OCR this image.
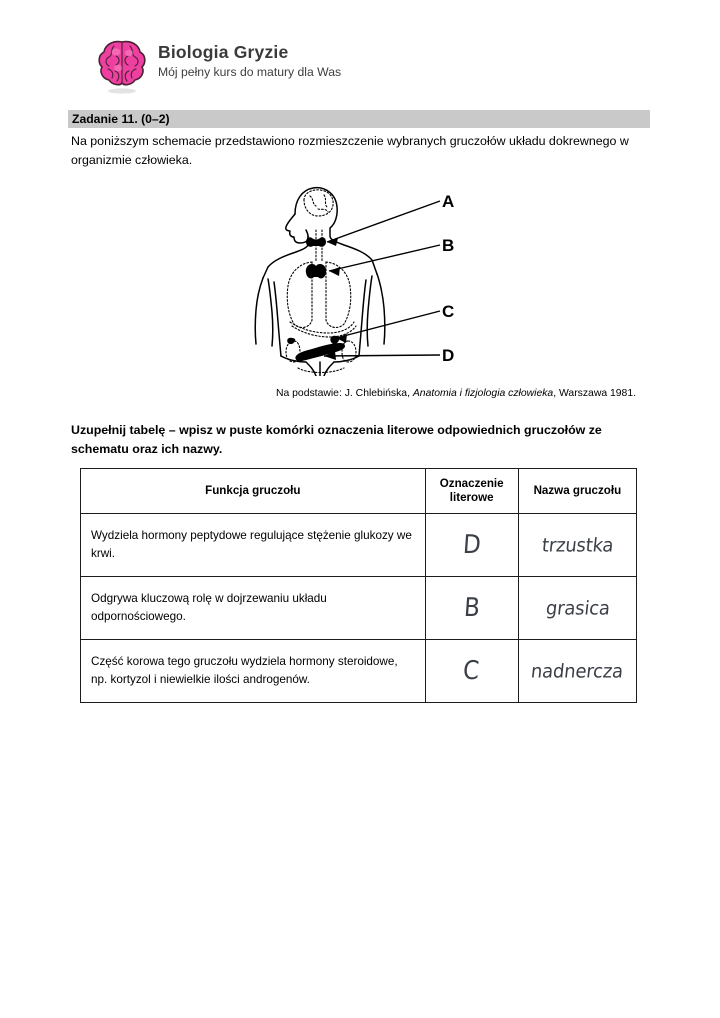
Biologia Gryzie
Mój pełny kurs do matury dla Was
Zadanie 11. (0–2)
Na poniższym schemacie przedstawiono rozmieszczenie wybranych gruczołów układu dokrewnego w organizmie człowieka.
A
B
C
D
Na podstawie: J. Chlebińska, Anatomia i fizjologia człowieka, Warszawa 1981.
Uzupełnij tabelę – wpisz w puste komórki oznaczenia literowe odpowiednich gruczołów ze schematu oraz ich nazwy.
Funkcja gruczołu	Oznaczenie literowe	Nazwa gruczołu
Wydziela hormony peptydowe regulujące stężenie glukozy we krwi.	D	trzustka
Odgrywa kluczową rolę w dojrzewaniu układu odpornościowego.	B	grasica
Część korowa tego gruczołu wydziela hormony steroidowe, np. kortyzol i niewielkie ilości androgenów.	C	nadnercza
